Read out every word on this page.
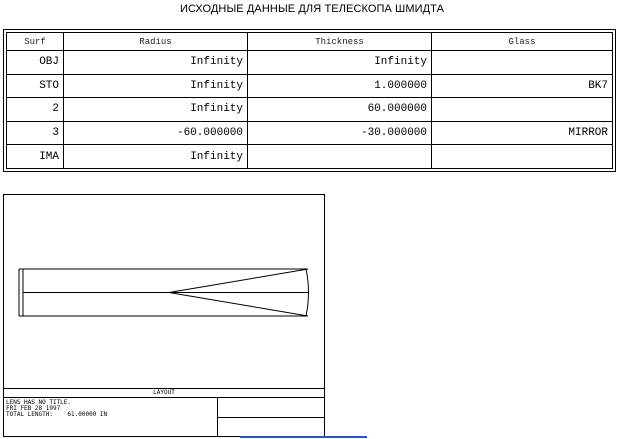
ИСХОДНЫЕ ДАННЫЕ ДЛЯ ТЕЛЕСКОПА ШМИДТА
Surf	Radius	Thickness	Glass
OBJ	Infinity	Infinity	
STO	Infinity	1.000000	BK7
2	Infinity	60.000000	
3	-60.000000	-30.000000	MIRROR
IMA	Infinity		
LAYOUT
LENS HAS NO TITLE.
FRI FEB 28 1997
TOTAL LENGTH:    61.00000 IN
